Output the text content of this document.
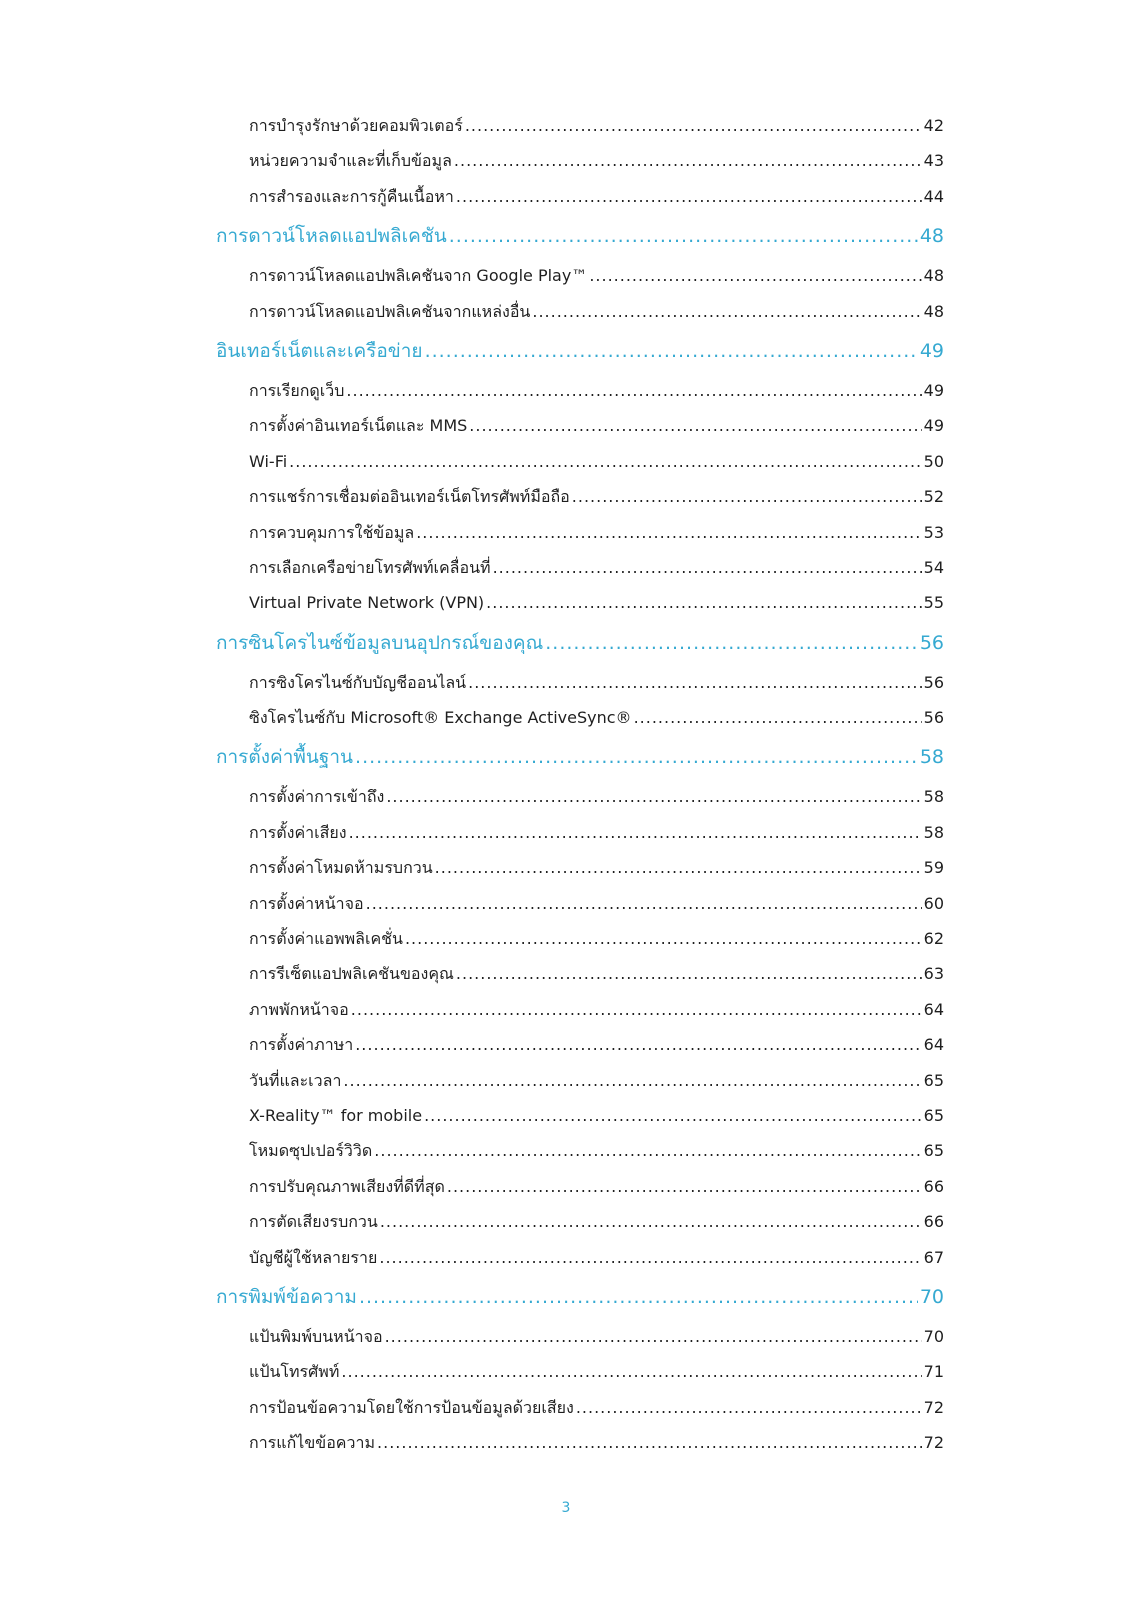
การบำรุงรักษาด้วยคอมพิวเตอร์ .....	42
หน่วยความจำและที่เก็บข้อมูล .....	43
การสำรองและการกู้คืนเนื้อหา .....	44
การดาวน์โหลดแอปพลิเคชัน .....	48
การดาวน์โหลดแอปพลิเคชันจาก Google Play™ .....	48
การดาวน์โหลดแอปพลิเคชันจากแหล่งอื่น .....	48
อินเทอร์เน็ตและเครือข่าย .....	49
การเรียกดูเว็บ .....	49
การตั้งค่าอินเทอร์เน็ตและ MMS .....	49
Wi-Fi .....	50
การแชร์การเชื่อมต่ออินเทอร์เน็ตโทรศัพท์มือถือ .....	52
การควบคุมการใช้ข้อมูล .....	53
การเลือกเครือข่ายโทรศัพท์เคลื่อนที่ .....	54
Virtual Private Network (VPN) .....	55
การซินโครไนซ์ข้อมูลบนอุปกรณ์ของคุณ .....	56
การซิงโครไนซ์กับบัญชีออนไลน์ .....	56
ซิงโครไนซ์กับ Microsoft® Exchange ActiveSync® .....	56
การตั้งค่าพื้นฐาน .....	58
การตั้งค่าการเข้าถึง .....	58
การตั้งค่าเสียง .....	58
การตั้งค่าโหมดห้ามรบกวน .....	59
การตั้งค่าหน้าจอ .....	60
การตั้งค่าแอพพลิเคชั่น .....	62
การรีเซ็ตแอปพลิเคชันของคุณ .....	63
ภาพพักหน้าจอ .....	64
การตั้งค่าภาษา .....	64
วันที่และเวลา .....	65
X-Reality™ for mobile .....	65
โหมดซุปเปอร์วิวิด .....	65
การปรับคุณภาพเสียงที่ดีที่สุด .....	66
การตัดเสียงรบกวน .....	66
บัญชีผู้ใช้หลายราย .....	67
การพิมพ์ข้อความ .....	70
แป้นพิมพ์บนหน้าจอ .....	70
แป้นโทรศัพท์ .....	71
การป้อนข้อความโดยใช้การป้อนข้อมูลด้วยเสียง .....	72
การแก้ไขข้อความ .....	72
3
